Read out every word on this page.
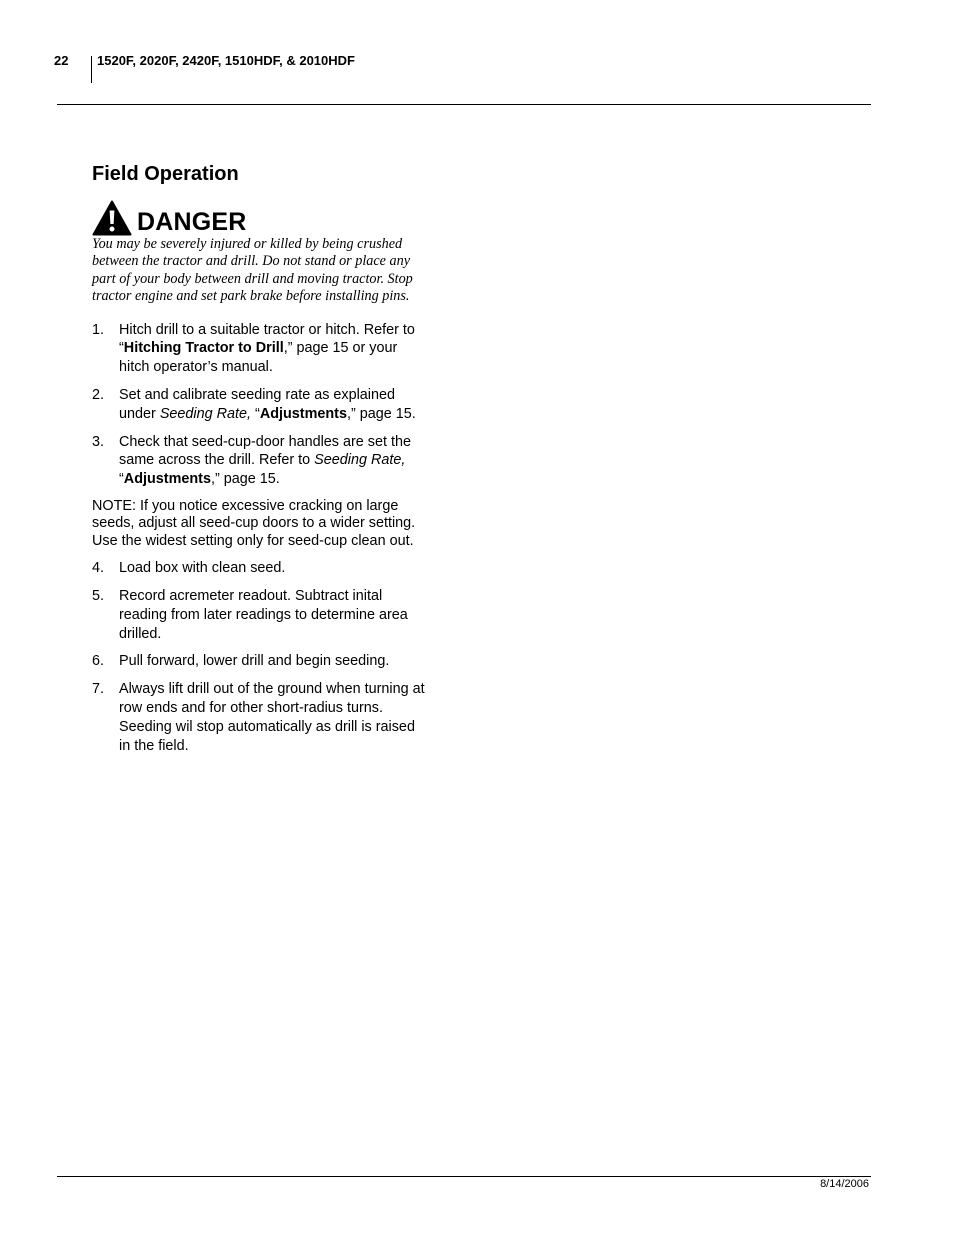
22 1520F, 2020F, 2420F, 1510HDF, & 2010HDF
Field Operation
DANGER

You may be severely injured or killed by being crushed between the tractor and drill. Do not stand or place any part of your body between drill and moving tractor. Stop tractor engine and set park brake before installing pins.

1.	Hitch drill to a suitable tractor or hitch. Refer to “Hitching Tractor to Drill,” page 15 or your hitch operator’s manual.
2.	Set and calibrate seeding rate as explained under Seeding Rate, “Adjustments,” page 15.
3.	Check that seed-cup-door handles are set the same across the drill. Refer to Seeding Rate, “Adjustments,” page 15.

NOTE: If you notice excessive cracking on large seeds, adjust all seed-cup doors to a wider setting. Use the widest setting only for seed-cup clean out.

4.	Load box with clean seed.
5.	Record acremeter readout. Subtract inital reading from later readings to determine area drilled.
6.	Pull forward, lower drill and begin seeding.
7.	Always lift drill out of the ground when turning at row ends and for other short-radius turns. Seeding wil stop automatically as drill is raised in the field.
8/14/2006
